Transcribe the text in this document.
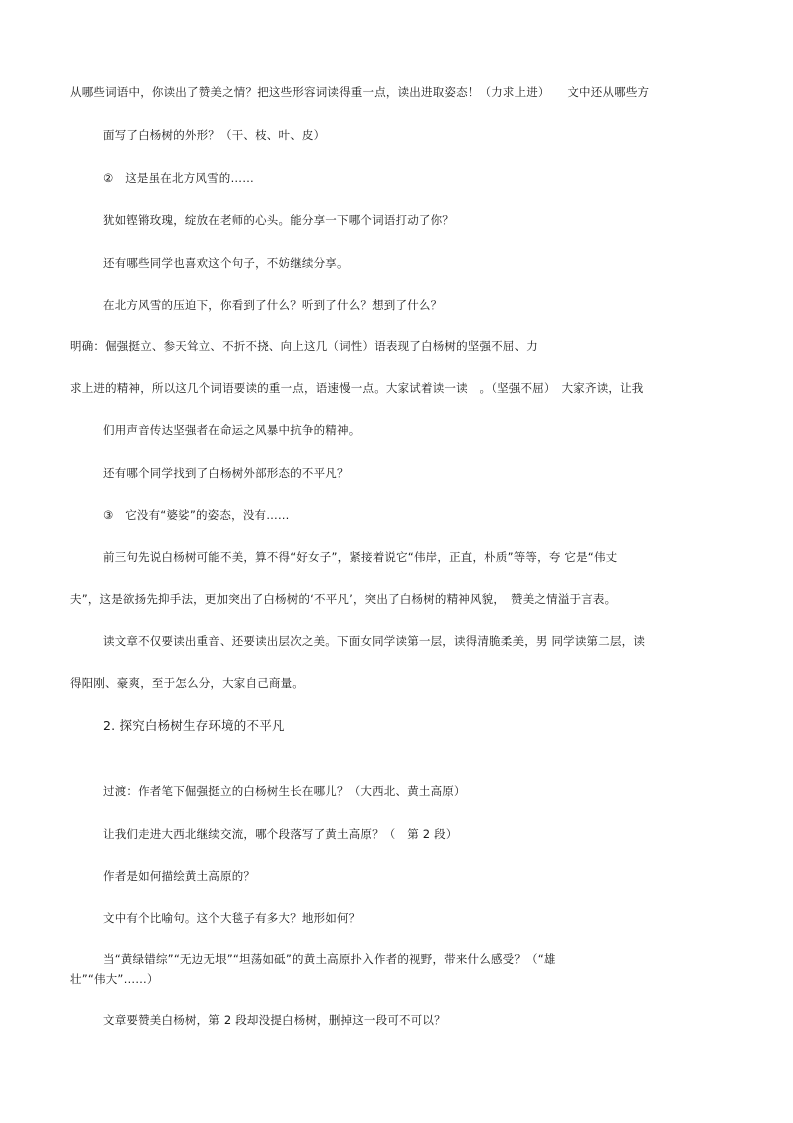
从哪些词语中，你读出了赞美之情？把这些形容词读得重一点，读出进取姿态！（力求上进）　　文中还从哪些方
面写了白杨树的外形？（干、枝、叶、皮）
②　这是虽在北方风雪的……
犹如铿锵玫瑰，绽放在老师的心头。能分享一下哪个词语打动了你？
还有哪些同学也喜欢这个句子，不妨继续分享。
在北方风雪的压迫下，你看到了什么？听到了什么？想到了什么？
明确：倔强挺立、参天耸立、不折不挠、向上这几（词性）语表现了白杨树的坚强不屈、力
求上进的精神，所以这几个词语要读的重一点，语速慢一点。大家试着读一读　。（坚强不屈）　大家齐读，让我
们用声音传达坚强者在命运之风暴中抗争的精神。
还有哪个同学找到了白杨树外部形态的不平凡？
③　它没有“婆娑”的姿态，没有……
前三句先说白杨树可能不美，算不得“好女子”，紧接着说它“伟岸，正直，朴质”等等，夸 它是“伟丈
夫”，这是欲扬先抑手法，更加突出了白杨树的‘不平凡’，突出了白杨树的精神风貌，　赞美之情溢于言表。
读文章不仅要读出重音、还要读出层次之美。下面女同学读第一层，读得清脆柔美，男 同学读第二层，读
得阳刚、豪爽，至于怎么分，大家自己商量。
2. 探究白杨树生存环境的不平凡
过渡：作者笔下倔强挺立的白杨树生长在哪儿？（大西北、黄土高原）
让我们走进大西北继续交流，哪个段落写了黄土高原？（　第 2 段）
作者是如何描绘黄土高原的？
文中有个比喻句。这个大毯子有多大？地形如何？
当“黄绿错综”“无边无垠”“坦荡如砥”的黄土高原扑入作者的视野，带来什么感受？（“雄
壮”“伟大”……）
文章要赞美白杨树，第 2 段却没提白杨树，删掉这一段可不可以？
